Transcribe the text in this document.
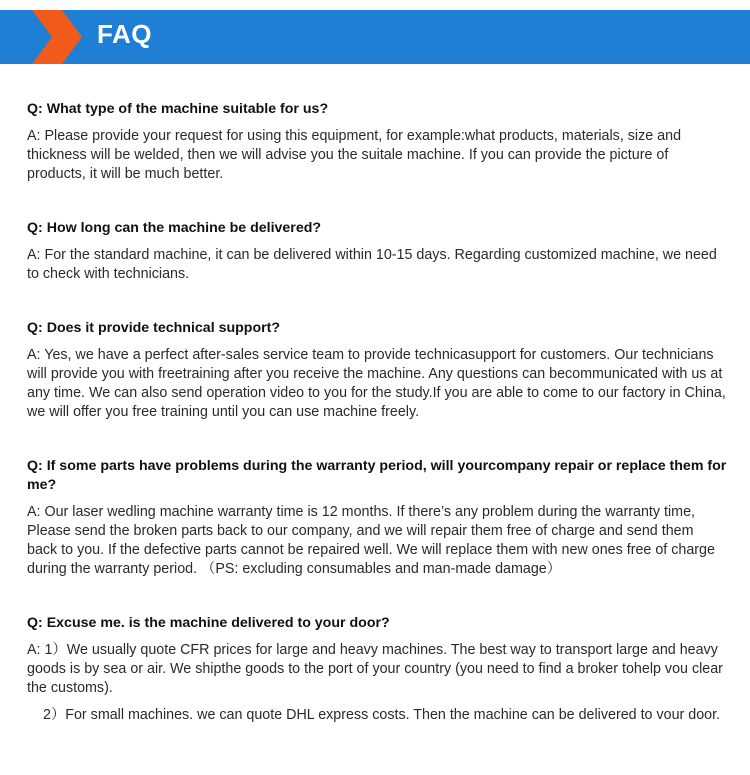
FAQ

Q: What type of the machine suitable for us?

A: Please provide your request for using this equipment, for example:what products, materials, size and thickness will be welded, then we will advise you the suitale machine. If you can provide the picture of products, it will be much better.

Q: How long can the machine be delivered?

A: For the standard machine, it can be delivered within 10-15 days. Regarding customized machine, we need to check with technicians.

Q: Does it provide technical support?

A: Yes, we have a perfect after-sales service team to provide technicasupport for customers. Our technicians will provide you with freetraining after you receive the machine. Any questions can becommunicated with us at any time. We can also send operation video to you for the study.If you are able to come to our factory in China, we will offer you free training until you can use machine freely.

Q: If some parts have problems during the warranty period, will yourcompany repair or replace them for me?

A: Our laser wedling machine warranty time is 12 months. If there’s any problem during the warranty time, Please send the broken parts back to our company, and we will repair them free of charge and send them back to you. If the defective parts cannot be repaired well. We will replace them with new ones free of charge during the warranty period. （PS: excluding consumables and man-made damage）

Q: Excuse me. is the machine delivered to your door?

A: 1）We usually quote CFR prices for large and heavy machines. The best way to transport large and heavy goods is by sea or air. We shipthe goods to the port of your country (you need to find a broker tohelp vou clear the customs).

2）For small machines. we can quote DHL express costs. Then the machine can be delivered to vour door.
